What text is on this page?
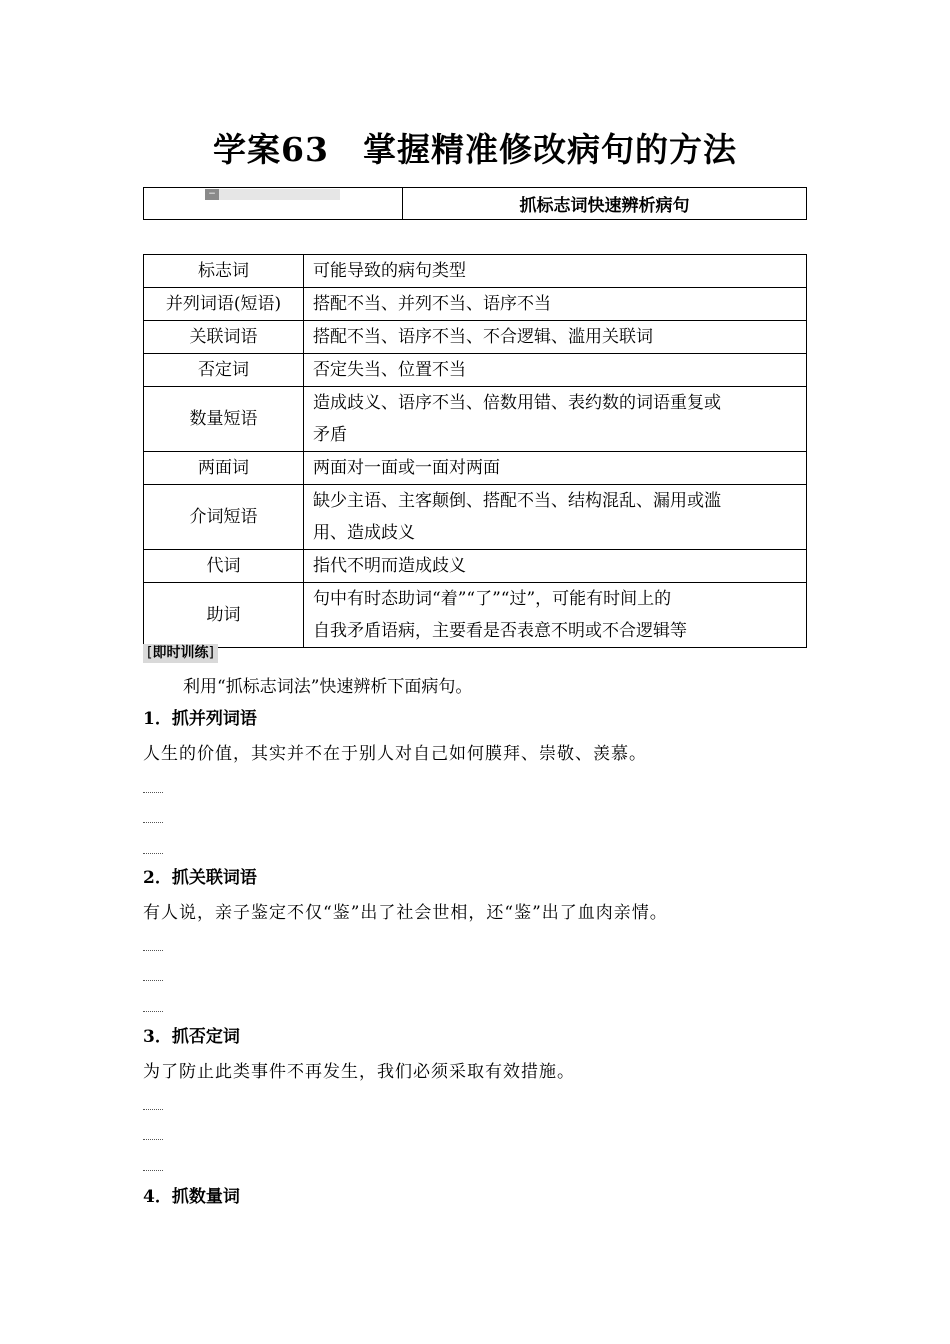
学案63　掌握精准修改病句的方法
−
	抓标志词快速辨析病句
标志词	可能导致的病句类型
并列词语(短语)	搭配不当、并列不当、语序不当
关联词语	搭配不当、语序不当、不合逻辑、滥用关联词
否定词	否定失当、位置不当
数量短语	造成歧义、语序不当、倍数用错、表约数的词语重复或
矛盾
两面词	两面对一面或一面对两面
介词短语	缺少主语、主客颠倒、搭配不当、结构混乱、漏用或滥
用、造成歧义
代词	指代不明而造成歧义
助词	句中有时态助词“着”“了”“过”，可能有时间上的
自我矛盾语病，主要看是否表意不明或不合逻辑等
[即时训练]
利用“抓标志词法”快速辨析下面病句。
1．抓并列词语
人生的价值，其实并不在于别人对自己如何膜拜、崇敬、羡慕。
2．抓关联词语
有人说，亲子鉴定不仅“鉴”出了社会世相，还“鉴”出了血肉亲情。
3．抓否定词
为了防止此类事件不再发生，我们必须采取有效措施。
4．抓数量词
